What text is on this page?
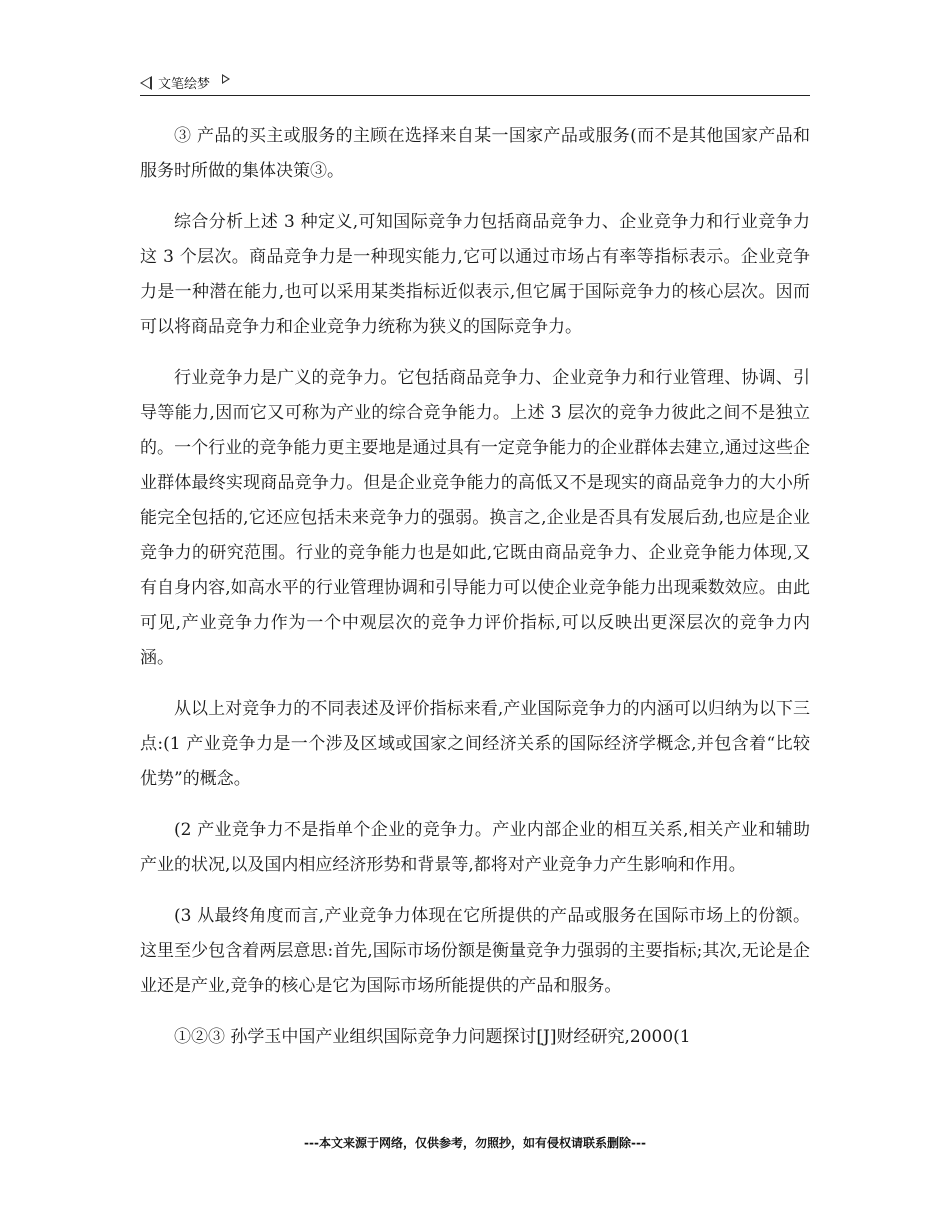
文笔绘梦

③ 产品的买主或服务的主顾在选择来自某一国家产品或服务(而不是其他国家产品和服务时所做的集体决策③。

综合分析上述 3 种定义,可知国际竞争力包括商品竞争力、企业竞争力和行业竞争力这 3 个层次。商品竞争力是一种现实能力,它可以通过市场占有率等指标表示。企业竞争力是一种潜在能力,也可以采用某类指标近似表示,但它属于国际竞争力的核心层次。因而可以将商品竞争力和企业竞争力统称为狭义的国际竞争力。

行业竞争力是广义的竞争力。它包括商品竞争力、企业竞争力和行业管理、协调、引导等能力,因而它又可称为产业的综合竞争能力。上述 3 层次的竞争力彼此之间不是独立的。一个行业的竞争能力更主要地是通过具有一定竞争能力的企业群体去建立,通过这些企业群体最终实现商品竞争力。但是企业竞争能力的高低又不是现实的商品竞争力的大小所能完全包括的,它还应包括未来竞争力的强弱。换言之,企业是否具有发展后劲,也应是企业竞争力的研究范围。行业的竞争能力也是如此,它既由商品竞争力、企业竞争能力体现,又有自身内容,如高水平的行业管理协调和引导能力可以使企业竞争能力出现乘数效应。由此可见,产业竞争力作为一个中观层次的竞争力评价指标,可以反映出更深层次的竞争力内涵。

从以上对竞争力的不同表述及评价指标来看,产业国际竞争力的内涵可以归纳为以下三点:(1 产业竞争力是一个涉及区域或国家之间经济关系的国际经济学概念,并包含着“比较优势”的概念。

(2 产业竞争力不是指单个企业的竞争力。产业内部企业的相互关系,相关产业和辅助产业的状况,以及国内相应经济形势和背景等,都将对产业竞争力产生影响和作用。

(3 从最终角度而言,产业竞争力体现在它所提供的产品或服务在国际市场上的份额。这里至少包含着两层意思:首先,国际市场份额是衡量竞争力强弱的主要指标;其次,无论是企业还是产业,竞争的核心是它为国际市场所能提供的产品和服务。

①②③ 孙学玉中国产业组织国际竞争力问题探讨[J]财经研究,2000(1

---本文来源于网络，仅供参考，勿照抄，如有侵权请联系删除---
